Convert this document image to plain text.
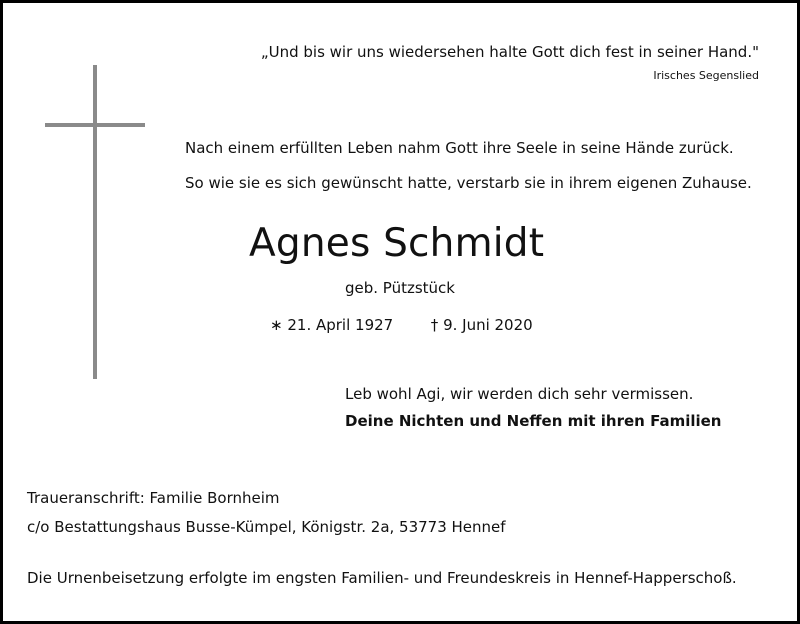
„Und bis wir uns wiedersehen halte Gott dich fest in seiner Hand."
Irisches Segenslied
Nach einem erfüllten Leben nahm Gott ihre Seele in seine Hände zurück.
So wie sie es sich gewünscht hatte, verstarb sie in ihrem eigenen Zuhause.
Agnes Schmidt
geb. Pützstück
∗ 21. April 1927	† 9. Juni 2020
Leb wohl Agi, wir werden dich sehr vermissen.
Deine Nichten und Neffen mit ihren Familien
Traueranschrift: Familie Bornheim
c/o Bestattungshaus Busse-Kümpel, Königstr. 2a, 53773 Hennef
Die Urnenbeisetzung erfolgte im engsten Familien- und Freundeskreis in Hennef-Happerschoß.
